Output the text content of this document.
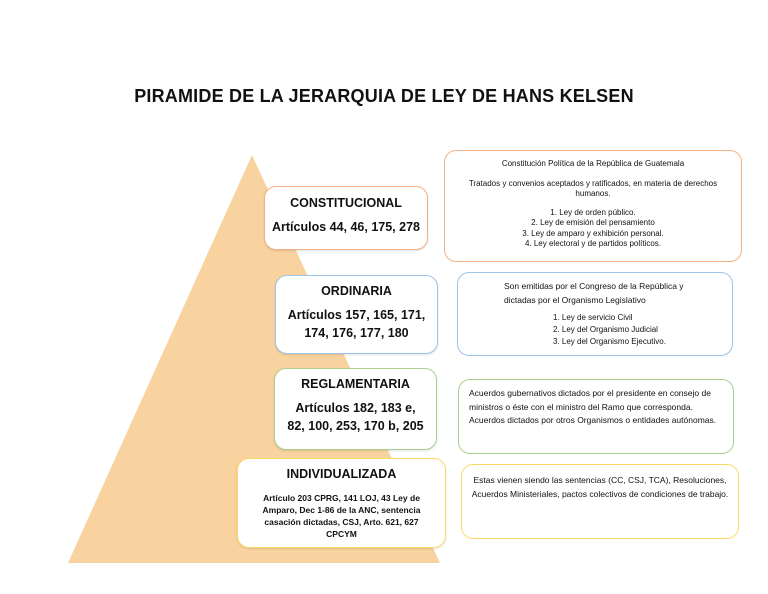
PIRAMIDE DE LA JERARQUIA DE LEY DE HANS KELSEN
CONSTITUCIONAL
Artículos 44, 46, 175, 278
ORDINARIA
Artículos 157, 165, 171, 174, 176, 177, 180
REGLAMENTARIA
Artículos 182, 183 e, 82, 100, 253, 170 b, 205
INDIVIDUALIZADA
Artículo 203 CPRG, 141 LOJ, 43 Ley de Amparo, Dec 1-86 de la ANC, sentencia casación dictadas, CSJ, Arto. 621, 627 CPCYM

Constitución Política de la República de Guatemala

Tratados y convenios aceptados y ratificados, en materia de derechos humanos.

1. Ley de orden público.

2. Ley de emisión del pensamiento

3. Ley de amparo y exhibición personal.

4. Ley electoral y de partidos políticos.

Son emitidas por el Congreso de la República y dictadas por el Organismo Legislativo

1. Ley de servicio Civil

2. Ley del Organismo Judicial

3. Ley del Organismo Ejecutivo.

Acuerdos gubernativos dictados por el presidente en consejo de ministros o éste con el ministro del Ramo que corresponda. Acuerdos dictados por otros Organismos o entidades autónomas.

Estas vienen siendo las sentencias (CC, CSJ, TCA), Resoluciones, Acuerdos Ministeriales, pactos colectivos de condiciones de trabajo.
